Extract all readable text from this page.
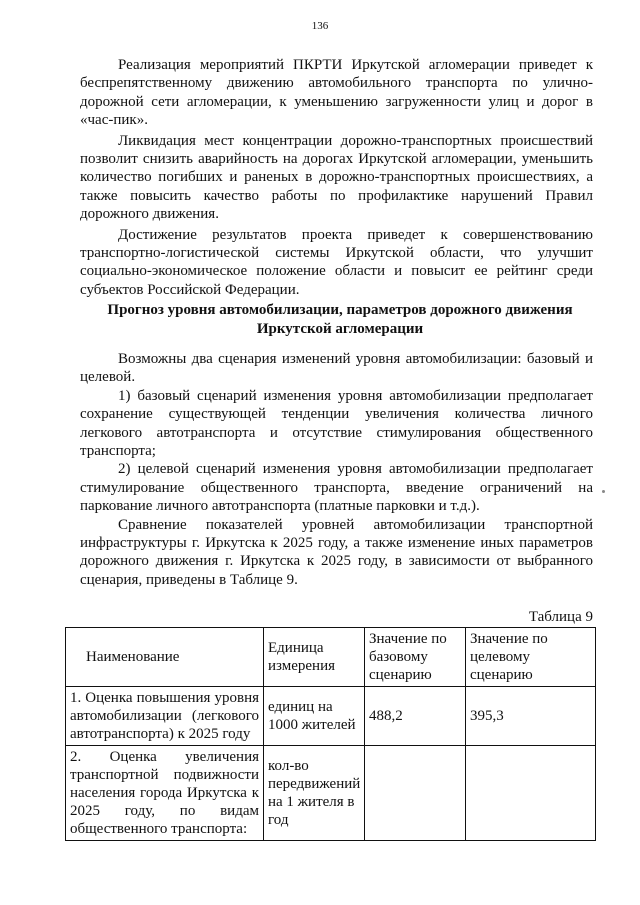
136

Реализация мероприятий ПКРТИ Иркутской агломерации приведет к беспрепятственному движению автомобильного транспорта по улично-дорожной сети агломерации, к уменьшению загруженности улиц и дорог в «час-пик».

Ликвидация мест концентрации дорожно-транспортных происшествий позволит снизить аварийность на дорогах Иркутской агломерации, уменьшить количество погибших и раненых в дорожно-транспортных происшествиях, а также повысить качество работы по профилактике нарушений Правил дорожного движения.

Достижение результатов проекта приведет к совершенствованию транспортно-логистической системы Иркутской области, что улучшит социально-экономическое положение области и повысит ее рейтинг среди субъектов Российской Федерации.

Прогноз уровня автомобилизации, параметров дорожного движения
Иркутской агломерации

Возможны два сценария изменений уровня автомобилизации: базовый и целевой.

1) базовый сценарий изменения уровня автомобилизации предполагает сохранение существующей тенденции увеличения количества личного легкового автотранспорта и отсутствие стимулирования общественного транспорта;

2) целевой сценарий изменения уровня автомобилизации предполагает стимулирование общественного транспорта, введение ограничений на паркование личного автотранспорта (платные парковки и т.д.).

Сравнение показателей уровней автомобилизации транспортной инфраструктуры г. Иркутска к 2025 году, а также изменение иных параметров дорожного движения г. Иркутска к 2025 году, в зависимости от выбранного сценария, приведены в Таблице 9.

Таблица 9
Наименование	Единица измерения	Значение по базовому сценарию	Значение по целевому сценарию
1. Оценка повышения уровня автомобилизации (легкового автотранспорта) к 2025 году	единиц на 1000 жителей	488,2	395,3
2. Оценка увеличения транспортной подвижности населения города Иркутска к 2025 году, по видам общественного транспорта:	кол-во передвижений на 1 жителя в год		
